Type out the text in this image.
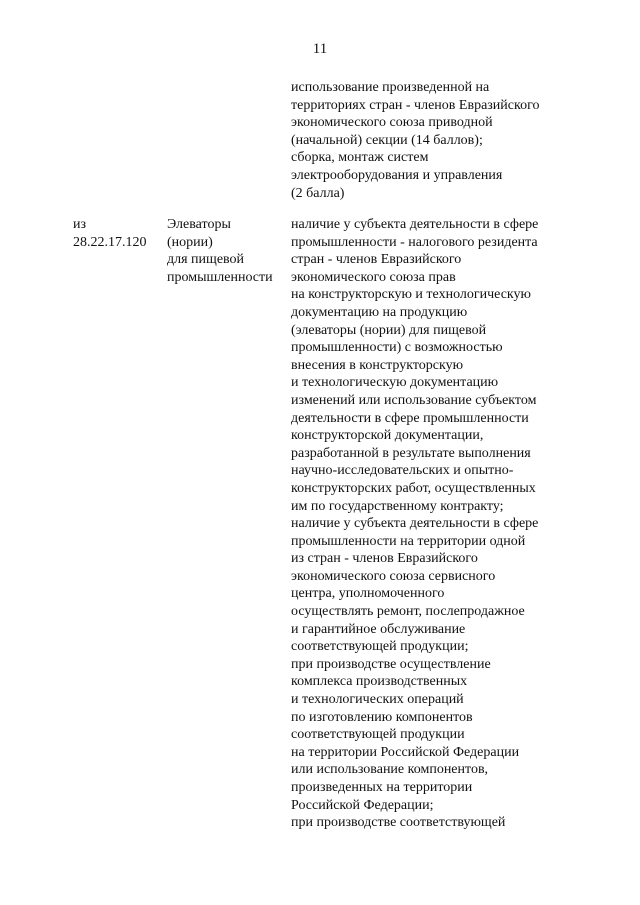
11
использование произведенной на
территориях стран - членов Евразийского
экономического союза приводной
(начальной) секции (14 баллов);
сборка, монтаж систем
электрооборудования и управления
(2 балла)
из
28.22.17.120
Элеваторы
(нории)
для пищевой
промышленности
наличие у субъекта деятельности в сфере
промышленности - налогового резидента
стран - членов Евразийского
экономического союза прав
на конструкторскую и технологическую
документацию на продукцию
(элеваторы (нории) для пищевой
промышленности) с возможностью
внесения в конструкторскую
и технологическую документацию
изменений или использование субъектом
деятельности в сфере промышленности
конструкторской документации,
разработанной в результате выполнения
научно-исследовательских и опытно-
конструкторских работ, осуществленных
им по государственному контракту;
наличие у субъекта деятельности в сфере
промышленности на территории одной
из стран - членов Евразийского
экономического союза сервисного
центра, уполномоченного
осуществлять ремонт, послепродажное
и гарантийное обслуживание
соответствующей продукции;
при производстве осуществление
комплекса производственных
и технологических операций
по изготовлению компонентов
соответствующей продукции
на территории Российской Федерации
или использование компонентов,
произведенных на территории
Российской Федерации;
при производстве соответствующей
